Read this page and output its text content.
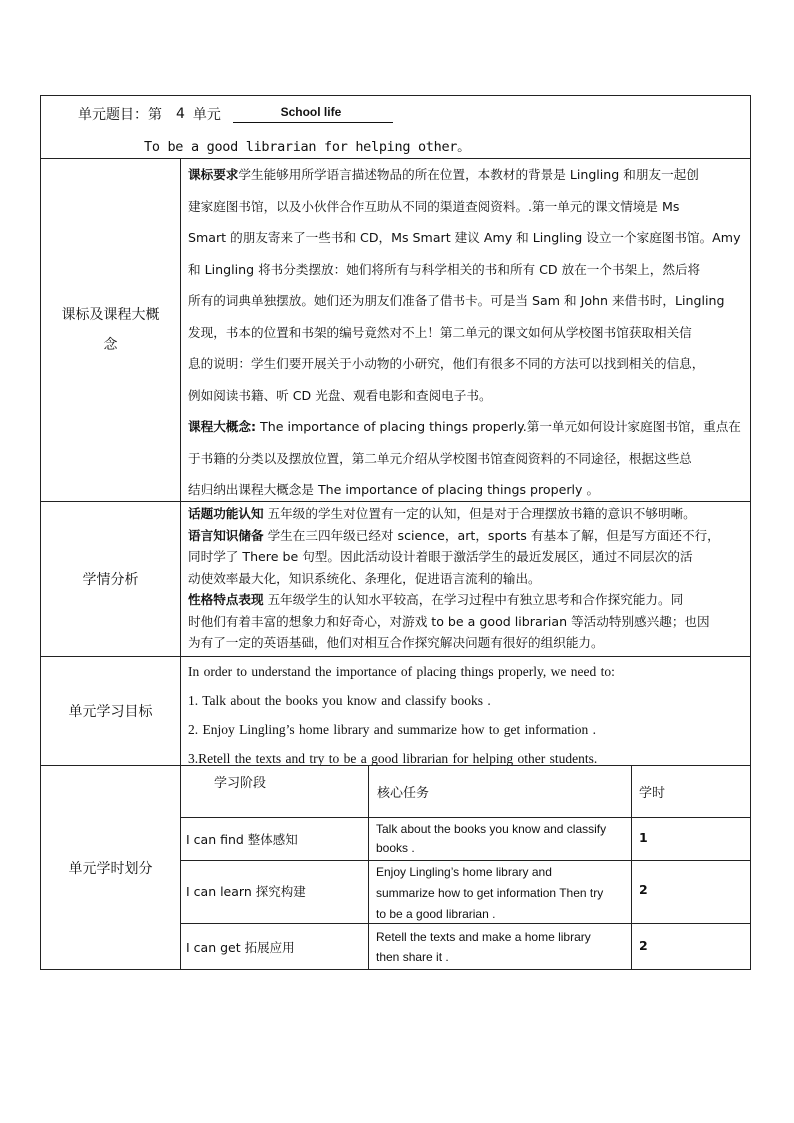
单元题目：第 4 单元	School life
To be a good librarian for helping other。
课标及课程大概
念
课标要求学生能够用所学语言描述物品的所在位置，本教材的背景是 Lingling 和朋友一起创
建家庭图书馆，以及小伙伴合作互助从不同的渠道查阅资料。.第一单元的课文情境是 Ms
Smart 的朋友寄来了一些书和 CD，Ms Smart 建议 Amy 和 Lingling 设立一个家庭图书馆。Amy
和 Lingling 将书分类摆放：她们将所有与科学相关的书和所有 CD 放在一个书架上，然后将
所有的词典单独摆放。她们还为朋友们准备了借书卡。可是当 Sam 和 John 来借书时，Lingling
发现，书本的位置和书架的编号竟然对不上！第二单元的课文如何从学校图书馆获取相关信
息的说明：学生们要开展关于小动物的小研究，他们有很多不同的方法可以找到相关的信息，
例如阅读书籍、听 CD 光盘、观看电影和查阅电子书。
课程大概念: The importance of placing things properly.第一单元如何设计家庭图书馆，重点在
于书籍的分类以及摆放位置，第二单元介绍从学校图书馆查阅资料的不同途径，根据这些总
结归纳出课程大概念是 The importance of placing things properly 。
学情分析
话题功能认知 五年级的学生对位置有一定的认知，但是对于合理摆放书籍的意识不够明晰。
语言知识储备 学生在三四年级已经对 science，art，sports 有基本了解，但是写方面还不行，
同时学了 There be 句型。因此活动设计着眼于激活学生的最近发展区，通过不同层次的活
动使效率最大化，知识系统化、条理化，促进语言流利的输出。
性格特点表现 五年级学生的认知水平较高，在学习过程中有独立思考和合作探究能力。同
时他们有着丰富的想象力和好奇心，对游戏 to be a good librarian 等活动特别感兴趣；也因
为有了一定的英语基础，他们对相互合作探究解决问题有很好的组织能力。
单元学习目标
In order to understand the importance of placing things properly, we need to:
1. Talk about the books you know and classify books .
2. Enjoy Lingling’s home library and summarize how to get information .
3.Retell the texts and try to be a good librarian for helping other students.
单元学时划分
学习阶段
核心任务	学时
I can find 整体感知
Talk about the books you know and classify
books .
1
I can learn 探究构建
Enjoy Lingling’s home library and
summarize how to get information Then try
to be a good librarian .
2
I can get 拓展应用
Retell the texts and make a home library
then share it .
2
